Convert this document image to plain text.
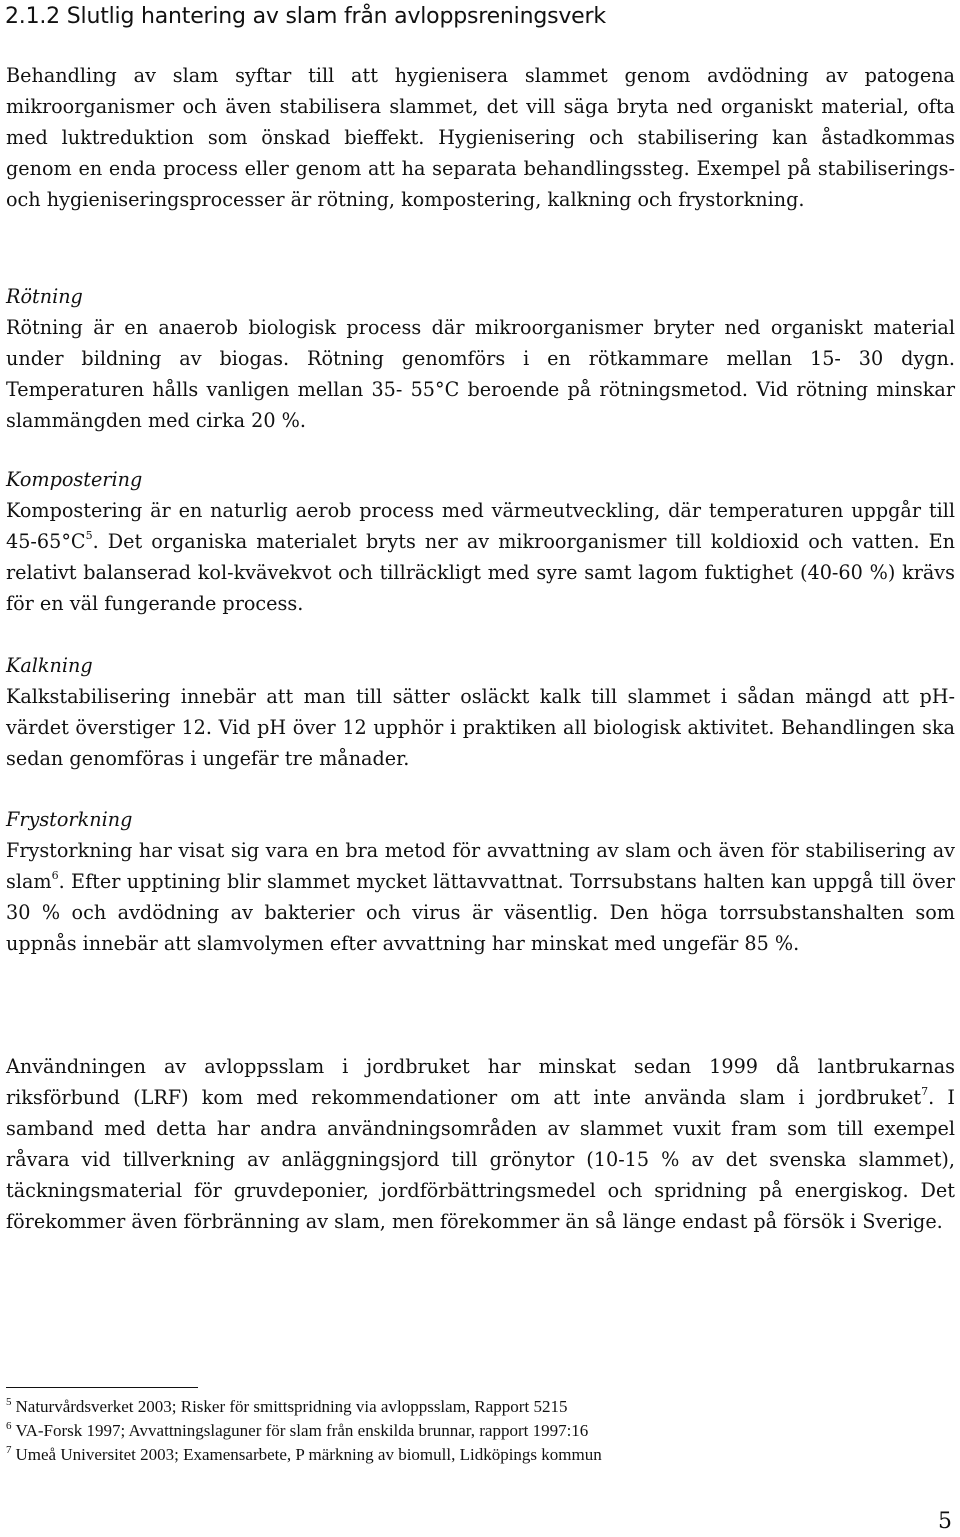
2.1.2 Slutlig hantering av slam från avloppsreningsverk

Behandling av slam syftar till att hygienisera slammet genom avdödning av patogena mikroorganismer och även stabilisera slammet, det vill säga bryta ned organiskt material, ofta med luktreduktion som önskad bieffekt. Hygienisering och stabilisering kan åstadkommas genom en enda process eller genom att ha separata behandlingssteg. Exempel på stabiliserings- och hygieniseringsprocesser är rötning, kompostering, kalkning och frystorkning.

Rötning

Rötning är en anaerob biologisk process där mikroorganismer bryter ned organiskt material under bildning av biogas. Rötning genomförs i en rötkammare mellan 15- 30 dygn. Temperaturen hålls vanligen mellan 35- 55°C beroende på rötningsmetod. Vid rötning minskar slammängden med cirka 20 %.

Kompostering

Kompostering är en naturlig aerob process med värmeutveckling, där temperaturen uppgår till $45-65^\circ C^5$. Det organiska materialet bryts ner av mikroorganismer till koldioxid och vatten. En relativt balanserad kol-kvävekvot och tillräckligt med syre samt lagom fuktighet (40-60 %) krävs för en väl fungerande process.

Kalkning

Kalkstabilisering innebär att man till sätter osläckt kalk till slammet i sådan mängd att pH-värdet överstiger 12. Vid pH över 12 upphör i praktiken all biologisk aktivitet. Behandlingen ska sedan genomföras i ungefär tre månader.

Frystorkning

Frystorkning har visat sig vara en bra metod för avvattning av slam och även för stabilisering av slam$^6$. Efter upptining blir slammet mycket lättavvattnat. Torrsubstans halten kan uppgå till över 30 % och avdödning av bakterier och virus är väsentlig. Den höga torrsubstanshalten som uppnås innebär att slamvolymen efter avvattning har minskat med ungefär 85 %.

Användningen av avloppsslam i jordbruket har minskat sedan 1999 då lantbrukarnas riksförbund (LRF) kom med rekommendationer om att inte använda slam i jordbruket$^7$. I samband med detta har andra användningsområden av slammet vuxit fram som till exempel råvara vid tillverkning av anläggningsjord till grönytor (10-15 % av det svenska slammet), täckningsmaterial för gruvdeponier, jordförbättringsmedel och spridning på energiskog. Det förekommer även förbränning av slam, men förekommer än så länge endast på försök i Sverige.

$^5$ Naturvårdsverket 2003; Risker för smittspridning via avloppsslam, Rapport 5215
$^6$ VA-Forsk 1997; Avvattningslaguner för slam från enskilda brunnar, rapport 1997:16
$^7$ Umeå Universitet 2003; Examensarbete, P märkning av biomull, Lidköpings kommun
5
